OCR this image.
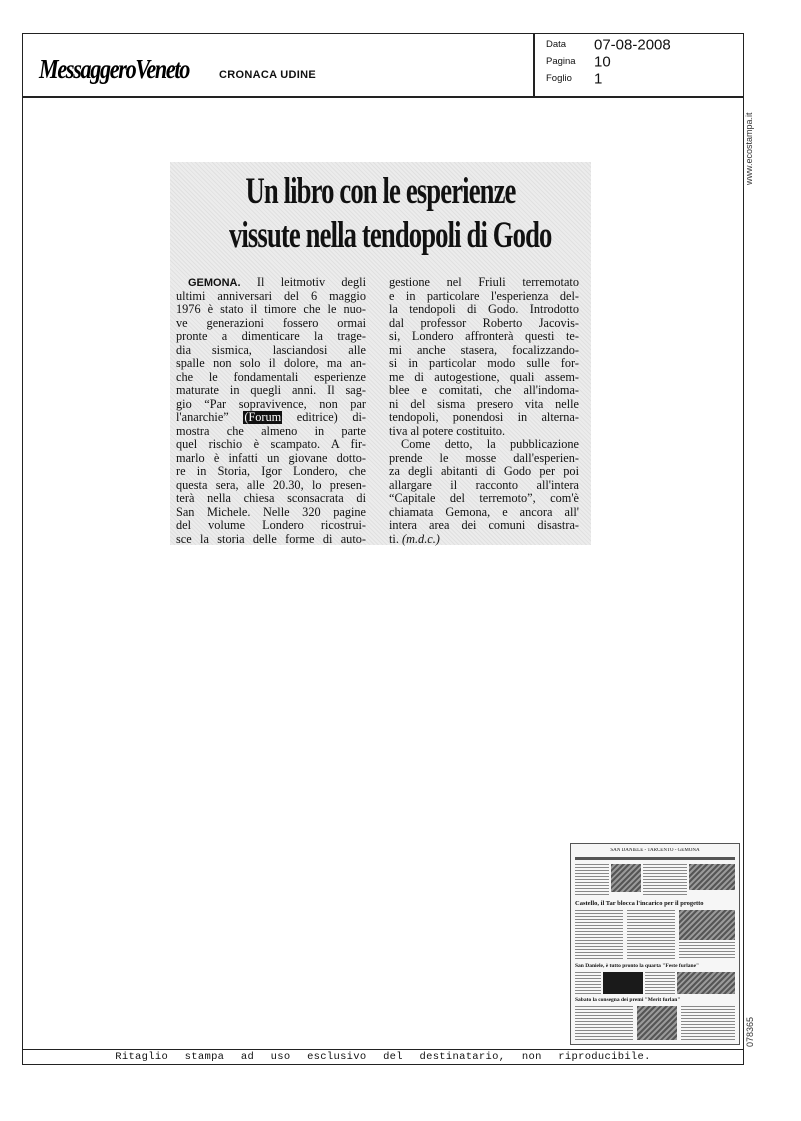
MessaggeroVeneto	CRONACA UDINE
Data 07-08-2008
Pagina 10
Foglio 1
Un libro con le esperienze
vissute nella tendopoli di Godo
GEMONA. Il leitmotiv degli
ultimi anniversari del 6 maggio
1976 è stato il timore che le nuo-
ve generazioni fossero ormai
pronte a dimenticare la trage-
dia sismica, lasciandosi alle
spalle non solo il dolore, ma an-
che le fondamentali esperienze
maturate in quegli anni. Il sag-
gio “Par sopravivence, non par
l'anarchie” (Forum editrice) di-
mostra che almeno in parte
quel rischio è scampato. A fir-
marlo è infatti un giovane dotto-
re in Storia, Igor Londero, che
questa sera, alle 20.30, lo presen-
terà nella chiesa sconsacrata di
San Michele. Nelle 320 pagine
del volume Londero ricostrui-
sce la storia delle forme di auto-
gestione nel Friuli terremotato
e in particolare l'esperienza del-
la tendopoli di Godo. Introdotto
dal professor Roberto Jacovis-
si, Londero affronterà questi te-
mi anche stasera, focalizzando-
si in particolar modo sulle for-
me di autogestione, quali assem-
blee e comitati, che all'indoma-
ni del sisma presero vita nelle
tendopoli, ponendosi in alterna-
tiva al potere costituito.
Come detto, la pubblicazione
prende le mosse dall'esperien-
za degli abitanti di Godo per poi
allargare il racconto all'intera
“Capitale del terremoto”, com'è
chiamata Gemona, e ancora all'
intera area dei comuni disastra-
ti. (m.d.c.)
www.ecostampa.it
078365
SAN DANIELE - TARCENTO - GEMONA
Castello, il Tar blocca l'incarico per il progetto
San Daniele, è tutto pronto la quarta "Feste furlane"
Sabato la consegna dei premi "Merit furlan"
Ritaglio stampa ad uso esclusivo del destinatario, non riproducibile.
